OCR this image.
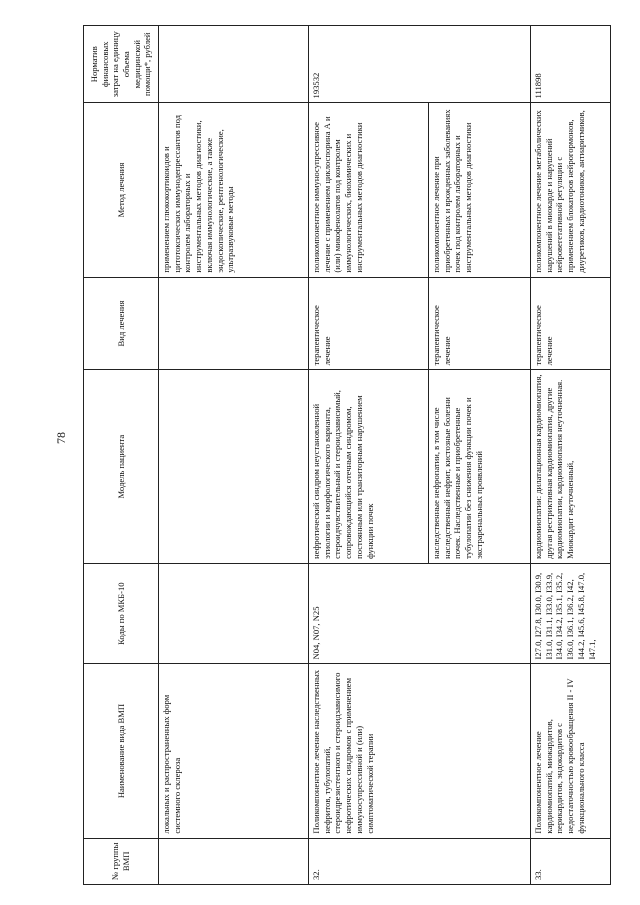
78
№ группы ВМП	Наименование вида ВМП	Коды по МКБ-10	Модель пациента	Вид лечения	Метод лечения	Норматив финансовых затрат на единицу объема медицинской помощи*, рублей
	локальных и распространенных форм системного склероза				применением глюкокортикоидов и цитотоксических иммунодепрессантов под контролем лабораторных и инструментальных методов диагностики, включая иммунологические, а также эндоскопические, рентгенологические, ультразвуковые методы	
32.	Поликомпонентное лечение наследственных нефритов, тубулопатий, стероидрезистентного и стероидзависимого нефротических синдромов с применением иммуносупрессивной и (или) симптоматической терапии	N04, N07, N25	нефротический синдром неустановленной этиологии и морфологического варианта, стероидчувствительный и стероидзависимый, сопровождающийся отечным синдромом, постоянным или транзиторным нарушением функции почек	терапевтическое лечение	поликомпонентное иммуносупрессивное лечение с применением циклоспорина А и (или) микофенолатов под контролем иммунологических, биохимических и инструментальных методов диагностики	193532
			наследственные нефропатии, в том числе наследственный нефрит, кистозные болезни почек. Наследственные и приобретенные тубулопатии без снижения функции почек и экстраренальных проявлений	терапевтическое лечение	поликомпонентное лечение при приобретенных и врожденных заболеваниях почек под контролем лабораторных и инструментальных методов диагностики	
33.	Поликомпонентное лечение кардиомиопатий, миокардитов, перикардитов, эндокардитов с недостаточностью кровообращения II - IV функционального класса	I27.0, I27.8, I30.0, I30.9, I31.0, I31.1, I33.0, I33.9, I34.0, I34.2, I35.1, I35.2, I36.0, I36.1, I36.2, I42, I44.2, I45.6, I45.8, I47.0, I47.1,	кардиомиопатии: дилатационная кардиомиопатия, другая рестриктивная кардиомиопатия, другие кардиомиопатии, кардиомиопатия неуточненная. Миокардит неуточненный,	терапевтическое лечение	поликомпонентное лечение метаболических нарушений в миокарде и нарушений нейровегетативной регуляции с применением блокаторов нейрогормонов, диуретиков, кардиотоников, антиаритмиков,	111898
